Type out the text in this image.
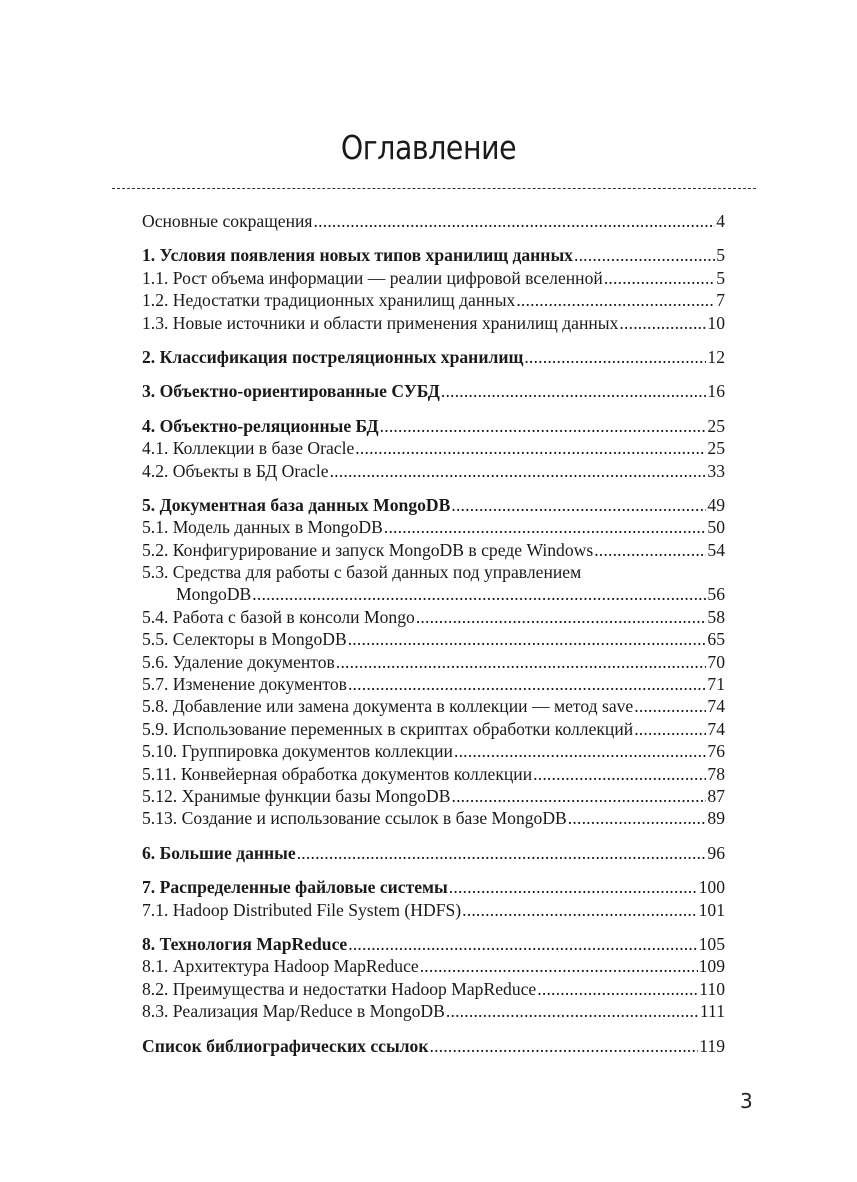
Оглавление
Основные сокращения . . .	4
1. Условия появления новых типов хранилищ данных . . .	5
1.1. Рост объема информации — реалии цифровой вселенной . . .	5
1.2. Недостатки традиционных хранилищ данных . . .	7
1.3. Новые источники и области применения хранилищ данных . . .	10
2. Классификация постреляционных хранилищ . . .	12
3. Объектно-ориентированные СУБД . . .	16
4. Объектно-реляционные БД . . .	25
4.1. Коллекции в базе Oracle . . .	25
4.2. Объекты в БД Oracle . . .	33
5. Документная база данных MongoDB . . .	49
5.1. Модель данных в MongoDB . . .	50
5.2. Конфигурирование и запуск MongoDB в среде Windows . . .	54
5.3. Средства для работы с базой данных под управлением
MongoDB . . .	56
5.4. Работа с базой в консоли Mongo . . .	58
5.5. Селекторы в MongoDB . . .	65
5.6. Удаление документов . . .	70
5.7. Изменение документов . . .	71
5.8. Добавление или замена документа в коллекции — метод save . . .	74
5.9. Использование переменных в скриптах обработки коллекций . . .	74
5.10. Группировка документов коллекции . . .	76
5.11. Конвейерная обработка документов коллекции . . .	78
5.12. Хранимые функции базы MongoDB . . .	87
5.13. Создание и использование ссылок в базе MongoDB . . .	89
6. Большие данные . . .	96
7. Распределенные файловые системы . . .	100
7.1. Hadoop Distributed File System (HDFS) . . .	101
8. Технология MapReduce . . .	105
8.1. Архитектура Hadoop MapReduce . . .	109
8.2. Преимущества и недостатки Hadoop MapReduce . . .	110
8.3. Реализация Map/Reduce в MongoDB . . .	111
Список библиографических ссылок . . .	119
3
